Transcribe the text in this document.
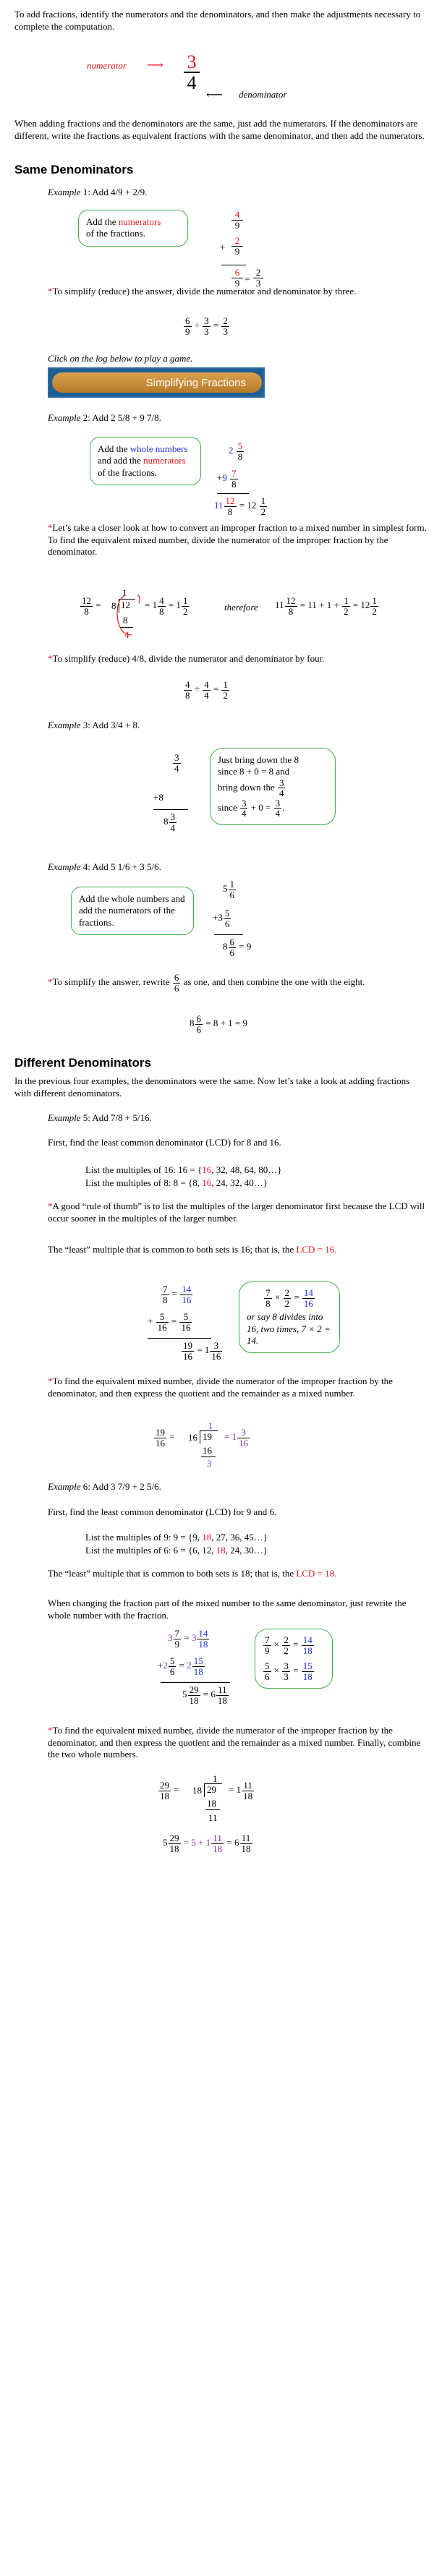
To add fractions, identify the numerators and the denominators, and then make the adjustments necessary to complete the computation.

numerator ⟶ $\frac{3}{4}$
⟵ denominator

When adding fractions and the denominators are the same, just add the numerators. If the denominators are different, write the fractions as equivalent fractions with the same denominator, and then add the numerators.

Same Denominators
Example 1: Add 4/9 + 2/9.
Add the numerators
of the fractions.
4
9
+
2
9
6
9 =
2
3

*To simplify (reduce) the answer, divide the numerator and denominator by three.

$\frac{6}{9} \div \frac{3}{3} = \frac{2}{3}$
Click on the log below to play a game.
Simplifying Fractions
Example 2: Add 2 5/8 + 9 7/8.
Add the whole numbers and add the numerators of the fractions.
$2 \frac{5}{8}$
$+9 \frac{7}{8}$
$11 \frac{12}{8} = 12 \frac{1}{2}$

*Let’s take a closer look at how to convert an improper fraction to a mixed number in simplest form. To find the equivalent mixed number, divide the numerator of the improper fraction by the denominator.

$\frac{12}{8} = 8$
1
12
8
4
= $1 \frac{4}{8} = 1 \frac{1}{2}$	therefore $11 \frac{12}{8} = 11 + 1 + \frac{1}{2} = 12 \frac{1}{2}$

*To simplify (reduce) 4/8, divide the numerator and denominator by four.

$\frac{4}{8} \div \frac{4}{4} = \frac{1}{2}$
Example 3: Add 3/4 + 8.
$\frac{3}{4}$
+8
$8 \frac{3}{4}$
Just bring down the 8
since 8 + 0 = 8 and
bring down the $\frac{3}{4}$
since $\frac{3}{4} + 0 = \frac{3}{4}$ .
Example 4: Add 5 1/6 + 3 5/6.
Add the whole numbers and add the numerators of the fractions.
$5 \frac{1}{6}$
$+3 \frac{5}{6}$
$8 \frac{6}{6} = 9$

*To simplify the answer, rewrite $\frac{6}{6}$ as one, and then combine the one with the eight.

$8 \frac{6}{6} = 8 + 1 = 9$
Different Denominators

In the previous four examples, the denominators were the same. Now let’s take a look at adding fractions with different denominators.

Example 5: Add 7/8 + 5/16.

First, find the least common denominator (LCD) for 8 and 16.

List the multiples of 16: 16 = {16, 32, 48, 64, 80…}
List the multiples of 8: 8 = {8, 16, 24, 32, 40…}

*A good “rule of thumb” is to list the multiples of the larger denominator first because the LCD will occur sooner in the multiples of the larger number.

The “least” multiple that is common to both sets is 16; that is, the LCD = 16.

$\frac{7}{8} = \frac{14}{16}$
+ $\frac{5}{16} = \frac{5}{16}$
$\frac{19}{16} = 1 \frac{3}{16}$
$\frac{7}{8} \times \frac{2}{2} = \frac{14}{16}$
or say 8 divides into 16, two times, 7 × 2 = 14.

*To find the equivalent mixed number, divide the numerator of the improper fraction by the denominator, and then express the quotient and the remainder as a mixed number.

$\frac{19}{16} = 16$
1
19
16
3
= $1 \frac{3}{16}$
Example 6: Add 3 7/9 + 2 5/6.

First, find the least common denominator (LCD) for 9 and 6.

List the multiples of 9: 9 = {9, 18, 27, 36, 45…}
List the multiples of 6: 6 = {6, 12, 18, 24, 30…}

The “least” multiple that is common to both sets is 18; that is, the LCD = 18.

When changing the fraction part of the mixed number to the same denominator, just rewrite the whole number with the fraction.

$3 \frac{7}{9} = 3 \frac{14}{18}$
$+2 \frac{5}{6} = 2 \frac{15}{18}$
$5 \frac{29}{18} = 6 \frac{11}{18}$
$\frac{7}{9} \times \frac{2}{2} = \frac{14}{18}$
$\frac{5}{6} \times \frac{3}{3} = \frac{15}{18}$

*To find the equivalent mixed number, divide the numerator of the improper fraction by the denominator, and then express the quotient and the remainder as a mixed number. Finally, combine the two whole numbers.

$\frac{29}{18} = 18$
1
29
18
11
= $1 \frac{11}{18}$
$5 \frac{29}{18} = 5 + 1 \frac{11}{18} = 6 \frac{11}{18}$
